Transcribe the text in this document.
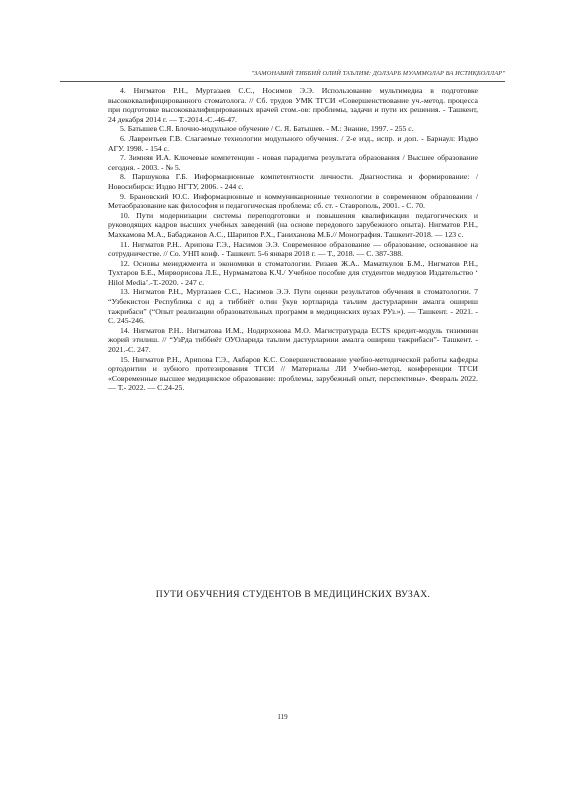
"ЗАМОНАВИЙ ТИББИЙ ОЛИЙ ТАЪЛИМ: ДОЛЗАРБ МУАММОЛАР ВА ИСТИҚБОЛЛАР"
4. Нигматов Р.Н., Муртазаев С.С., Носимов Э.Э. Использование мультимедиа в подготовке высококвалифицированного стоматолога. // Сб. трудов УМК ТГСИ «Совершенствование уч.-метод. процесса при подготовке высококвалифицированных врачей стом.-ов: проблемы, задачи и пути их решения. - Ташкент, 24 декабря 2014 г. — Т.-2014.-С.-46-47.
5. Батышев С.Я. Блочно-модульное обучение / С. Я. Батышев. - М.: Знание, 1997. - 255 с.
6. Лаврентьев Г.В. Слагаемые технологии модульного обучения. / 2-е изд., испр. и доп. - Барнаул: Издво АГУ. 1998. - 154 с.
7. Зимняя И.А. Ключевые компетенции - новая парадигма результата образования / Высшее образование сегодня. - 2003. - № 5.
8. Паршукова Г.Б. Информационные компетентности личности. Диагностика и формирование: / Новосибирск: Издво НГТУ, 2006. - 244 с.
9. Брановский Ю.С. Информационные и коммуникационные технологии в современном образовании / Метаобразование как философия и педагогическая проблема: сб. ст. - Ставрополь, 2001. - С. 70.
10. Пути модернизации системы переподготовки и повышения квалификации педагогических и руководящих кадров высших учебных заведений (на основе передового зарубежного опыта). Нигматов Р.Н., Махкамова М.А., Бабаджанов А.С., Шарипов Р.Х., Ганиханова М.Б.// Монография. Ташкент-2018. — 123 с.
11. Нигматов Р.Н.. Арипова Г.Э., Насимов Э.Э. Современное образование — образование, основанное на сотрудничестве. // Со. УНП конф. - Ташкент. 5-6 января 2018 г. — Т., 2018. — С. 387-388.
12. Основы менеджмента и экономики в стоматологии. Ризаев Ж.А.. Маматкулов Б.М., Нигматов Р.Н., Тухтаров Б.Е., Мирворисова Л.Е., Нурмаматова К.Ч./ Учебное пособие для студентов медвузов Издательство ‘ Hilol Media’.-Т.-2020. - 247 с.
13. Нигматов Р.Н., Муртазаев С.С., Насимов Э.Э. Пути оценки результатов обучения в стоматологии. 7 “Узбекистон Республика с ид а тиббиёт о.тин ўкув юртларида таълим дастурларини амалга ошириш тажрибаси” (“Опыт реализации образовательных программ в медицинских вузах РУз.»). — Ташкент. - 2021. - С. 245-246.
14. Нигматов Р.Н.. Нигматова И.М., Нодирхонова М.О. Магистратурада ECTS кредит-модуль тизимини жорий этилиш. // “УзРда тиббиёт ОУОларида таълим дастурларини амалга ошириш тажрибаси”- Ташкент. - 2021.-С. 247.
15. Нигматов Р.Н., Арипова Г.Э., Акбаров К.С. Совершенствование учебно-методической работы кафедры ортодонтии и зубного протезирования ТГСИ // Материалы ЛИ Учебно-метод. конференции ТГСИ «Современные высшее медицинское образование: проблемы, зарубежный опыт, перспективы». Февраль 2022. — Т.- 2022. — С.24-25.
ПУТИ ОБУЧЕНИЯ СТУДЕНТОВ В МЕДИЦИНСКИХ ВУЗАХ.
119
